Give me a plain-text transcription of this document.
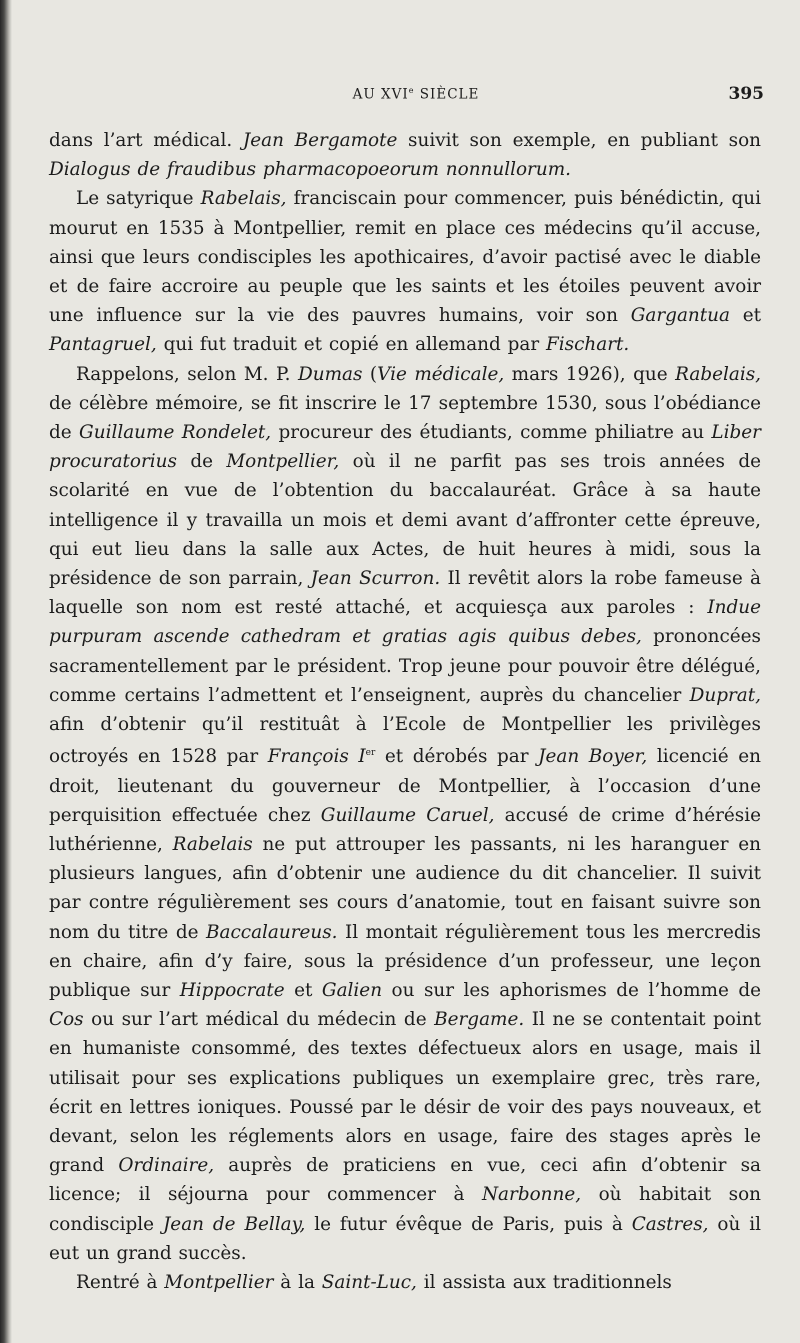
AU XVIe SIÈCLE	395

dans l’art médical. Jean Bergamote suivit son exemple, en publiant son Dialogus de fraudibus pharmacopoeorum nonnullorum.

Le satyrique Rabelais, franciscain pour commencer, puis bénédictin, qui mourut en 1535 à Montpellier, remit en place ces médecins qu’il accuse, ainsi que leurs condisciples les apothicaires, d’avoir pactisé avec le diable et de faire accroire au peuple que les saints et les étoiles peuvent avoir une influence sur la vie des pauvres humains, voir son Gargantua et Pantagruel, qui fut traduit et copié en allemand par Fischart.

Rappelons, selon M. P. Dumas (Vie médicale, mars 1926), que Rabelais, de célèbre mémoire, se fit inscrire le 17 septembre 1530, sous l’obédiance de Guillaume Rondelet, procureur des étudiants, comme philiatre au Liber procuratorius de Montpellier, où il ne parfit pas ses trois années de scolarité en vue de l’obtention du baccalauréat. Grâce à sa haute intelligence il y travailla un mois et demi avant d’affronter cette épreuve, qui eut lieu dans la salle aux Actes, de huit heures à midi, sous la présidence de son parrain, Jean Scurron. Il revêtit alors la robe fameuse à laquelle son nom est resté attaché, et acquiesça aux paroles : Indue purpuram ascende cathedram et gratias agis quibus debes, prononcées sacramentellement par le président. Trop jeune pour pouvoir être délégué, comme certains l’admettent et l’enseignent, auprès du chancelier Duprat, afin d’obtenir qu’il restituât à l’Ecole de Montpellier les privilèges octroyés en 1528 par François Ier et dérobés par Jean Boyer, licencié en droit, lieutenant du gouverneur de Montpellier, à l’occasion d’une perquisition effectuée chez Guillaume Caruel, accusé de crime d’hérésie luthérienne, Rabelais ne put attrouper les passants, ni les haranguer en plusieurs langues, afin d’obtenir une audience du dit chancelier. Il suivit par contre régulièrement ses cours d’anatomie, tout en faisant suivre son nom du titre de Baccalaureus. Il montait régulièrement tous les mercredis en chaire, afin d’y faire, sous la présidence d’un professeur, une leçon publique sur Hippocrate et Galien ou sur les aphorismes de l’homme de Cos ou sur l’art médical du médecin de Bergame. Il ne se contentait point en humaniste consommé, des textes défectueux alors en usage, mais il utilisait pour ses explications publiques un exemplaire grec, très rare, écrit en lettres ioniques. Poussé par le désir de voir des pays nouveaux, et devant, selon les réglements alors en usage, faire des stages après le grand Ordinaire, auprès de praticiens en vue, ceci afin d’obtenir sa licence; il séjourna pour commencer à Narbonne, où habitait son condisciple Jean de Bellay, le futur évêque de Paris, puis à Castres, où il eut un grand succès.

Rentré à Montpellier à la Saint-Luc, il assista aux traditionnels
